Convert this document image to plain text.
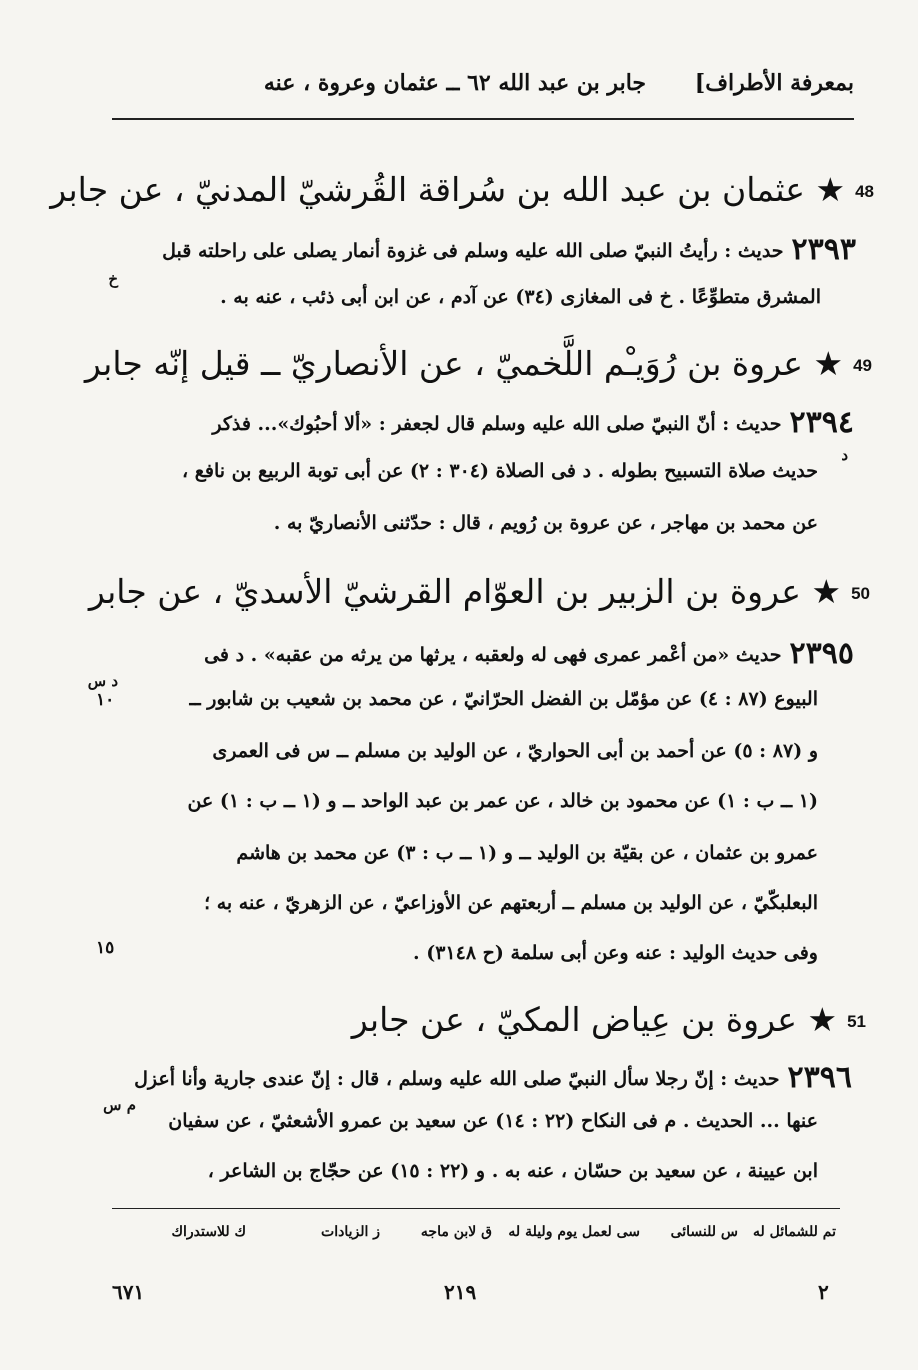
بمعرفة الأطراف]
جابر بن عبد الله ٦٢ ــ عثمان وعروة ، عنه
48★ عثمان بن عبد الله بن سُراقة القُرشيّ المدنيّ ، عن جابر
٢٣٩٣حديث : رأيتُ النبيّ صلى الله عليه وسلم فى غزوة أنمار يصلى على راحلته قبل
خ
المشرق متطوِّعًا . خ فى المغازى (٣٤) عن آدم ، عن ابن أبى ذئب ، عنه به .
49★ عروة بن رُوَيـْم اللَّخميّ ، عن الأنصاريّ ــ قيل إنّه جابر
٢٣٩٤حديث : أنّ النبيّ صلى الله عليه وسلم قال لجعفر : «ألا أحبُوك»... فذكر
د
حديث صلاة التسبيح بطوله . د فى الصلاة (٣٠٤ : ٢) عن أبى توبة الربيع بن نافع ،
عن محمد بن مهاجر ، عن عروة بن رُويم ، قال : حدّثنى الأنصاريّ به .
50★ عروة بن الزبير بن العوّام القرشيّ الأسديّ ، عن جابر
٢٣٩٥حديث «من أعْمر عمرى فهى له ولعقبه ، يرثها من يرثه من عقبه» . د فى
د س
البيوع (٨٧ : ٤) عن مؤمّل بن الفضل الحرّانيّ ، عن محمد بن شعيب بن شابور ــ
و (٨٧ : ٥) عن أحمد بن أبى الحواريّ ، عن الوليد بن مسلم ــ س فى العمرى
(١ ــ ب : ١) عن محمود بن خالد ، عن عمر بن عبد الواحد ــ و (١ ــ ب : ١) عن
عمرو بن عثمان ، عن بقيّة بن الوليد ــ و (١ ــ ب : ٣) عن محمد بن هاشم
البعلبكّيّ ، عن الوليد بن مسلم ــ أربعتهم عن الأوزاعيّ ، عن الزهريّ ، عنه به ؛
وفى حديث الوليد : عنه وعن أبى سلمة (ح ٣١٤٨) .
51★ عروة بن عِياض المكيّ ، عن جابر
٢٣٩٦حديث : إنّ رجلا سأل النبيّ صلى الله عليه وسلم ، قال : إنّ عندى جارية وأنا أعزل
م س
عنها ... الحديث . م فى النكاح (٢٢ : ١٤) عن سعيد بن عمرو الأشعثيّ ، عن سفيان
ابن عيينة ، عن سعيد بن حسّان ، عنه به . و (٢٢ : ١٥) عن حجّاج بن الشاعر ،
١٠
١٥
تم للشمائل له
س للنسائى
سى لعمل يوم وليلة له
ق لابن ماجه
ز الزيادات
ك للاستدراك
٦٧١	٢١٩	٢
